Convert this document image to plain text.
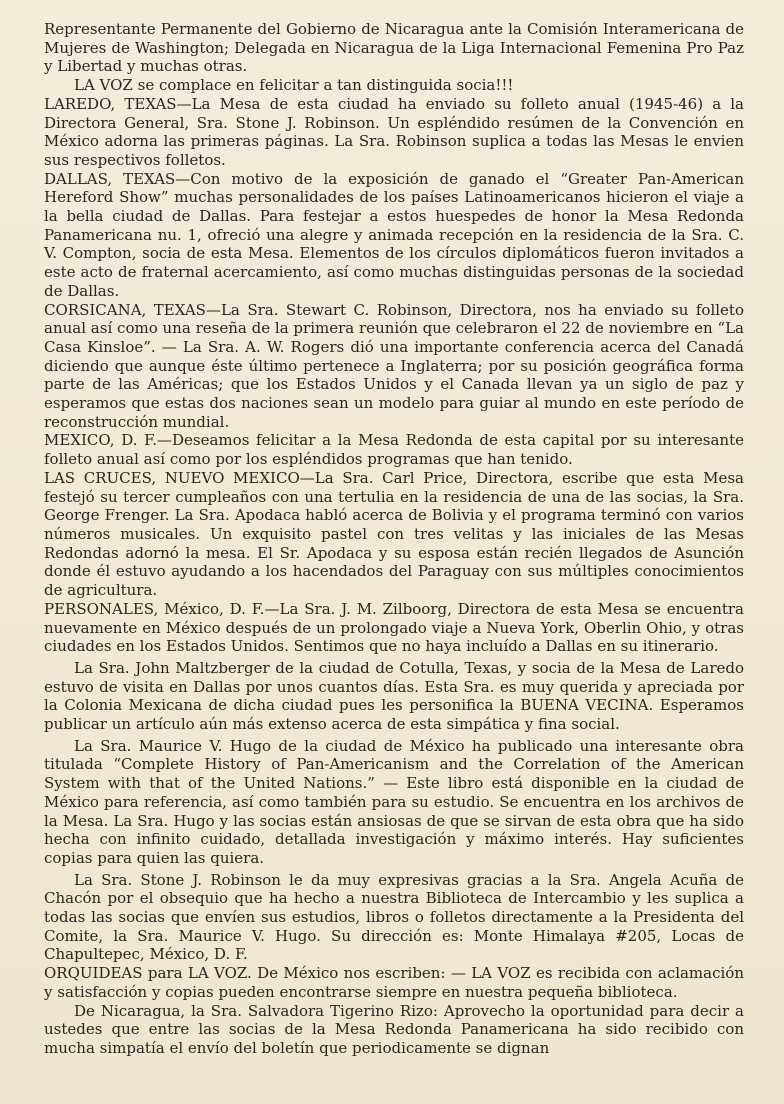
Representante Permanente del Gobierno de Nicaragua ante la Comisión Interamericana de Mujeres de Washington; Delegada en Nicaragua de la Liga Internacional Femenina Pro Paz y Libertad y muchas otras.

LA VOZ se complace en felicitar a tan distinguida socia!!!

LAREDO, TEXAS—La Mesa de esta ciudad ha enviado su folleto anual (1945-46) a la Directora General, Sra. Stone J. Robinson. Un espléndido resúmen de la Convención en México adorna las primeras páginas. La Sra. Robinson suplica a todas las Mesas le envien sus respectivos folletos.

DALLAS, TEXAS—Con motivo de la exposición de ganado el “Greater Pan-American Hereford Show” muchas personalidades de los países Latinoamericanos hicieron el viaje a la bella ciudad de Dallas. Para festejar a estos huespedes de honor la Mesa Redonda Panamericana nu. 1, ofreció una alegre y animada recepción en la residencia de la Sra. C. V. Compton, socia de esta Mesa. Elementos de los círculos diplomáticos fueron invitados a este acto de fraternal acercamiento, así como muchas distinguidas personas de la sociedad de Dallas.

CORSICANA, TEXAS—La Sra. Stewart C. Robinson, Directora, nos ha enviado su folleto anual así como una reseña de la primera reunión que celebraron el 22 de noviembre en “La Casa Kinsloe”. — La Sra. A. W. Rogers dió una importante conferencia acerca del Canadá diciendo que aunque éste último pertenece a Inglaterra; por su posición geográfica forma parte de las Américas; que los Estados Unidos y el Canada llevan ya un siglo de paz y esperamos que estas dos naciones sean un modelo para guiar al mundo en este período de reconstrucción mundial.

MEXICO, D. F.—Deseamos felicitar a la Mesa Redonda de esta capital por su interesante folleto anual así como por los espléndidos programas que han tenido.

LAS CRUCES, NUEVO MEXICO—La Sra. Carl Price, Directora, escribe que esta Mesa festejó su tercer cumpleaños con una tertulia en la residencia de una de las socias, la Sra. George Frenger. La Sra. Apodaca habló acerca de Bolivia y el programa terminó con varios números musicales. Un exquisito pastel con tres velitas y las iniciales de las Mesas Redondas adornó la mesa. El Sr. Apodaca y su esposa están recién llegados de Asunción donde él estuvo ayudando a los hacendados del Paraguay con sus múltiples conocimientos de agricultura.

PERSONALES, México, D. F.—La Sra. J. M. Zilboorg, Directora de esta Mesa se encuentra nuevamente en México después de un prolongado viaje a Nueva York, Oberlin Ohio, y otras ciudades en los Estados Unidos. Sentimos que no haya incluído a Dallas en su itinerario.

La Sra. John Maltzberger de la ciudad de Cotulla, Texas, y socia de la Mesa de Laredo estuvo de visita en Dallas por unos cuantos días. Esta Sra. es muy querida y apreciada por la Colonia Mexicana de dicha ciudad pues les personifica la BUENA VECINA. Esperamos publicar un artículo aún más extenso acerca de esta simpática y fina social.

La Sra. Maurice V. Hugo de la ciudad de México ha publicado una interesante obra titulada “Complete History of Pan-Americanism and the Correlation of the American System with that of the United Nations.” — Este libro está disponible en la ciudad de México para referencia, así como también para su estudio. Se encuentra en los archivos de la Mesa. La Sra. Hugo y las socias están ansiosas de que se sirvan de esta obra que ha sido hecha con infinito cuidado, detallada investigación y máximo interés. Hay suficientes copias para quien las quiera.

La Sra. Stone J. Robinson le da muy expresivas gracias a la Sra. Angela Acuña de Chacón por el obsequio que ha hecho a nuestra Biblioteca de Intercambio y les suplica a todas las socias que envíen sus estudios, libros o folletos directamente a la Presidenta del Comite, la Sra. Maurice V. Hugo. Su dirección es: Monte Himalaya #205, Locas de Chapultepec, México, D. F.

ORQUIDEAS para LA VOZ. De México nos escriben: — LA VOZ es recibida con aclamación y satisfacción y copias pueden encontrarse siempre en nuestra pequeña biblioteca.

De Nicaragua, la Sra. Salvadora Tigerino Rizo: Aprovecho la oportunidad para decir a ustedes que entre las socias de la Mesa Redonda Panamericana ha sido recibido con mucha simpatía el envío del boletín que periodicamente se dignan
